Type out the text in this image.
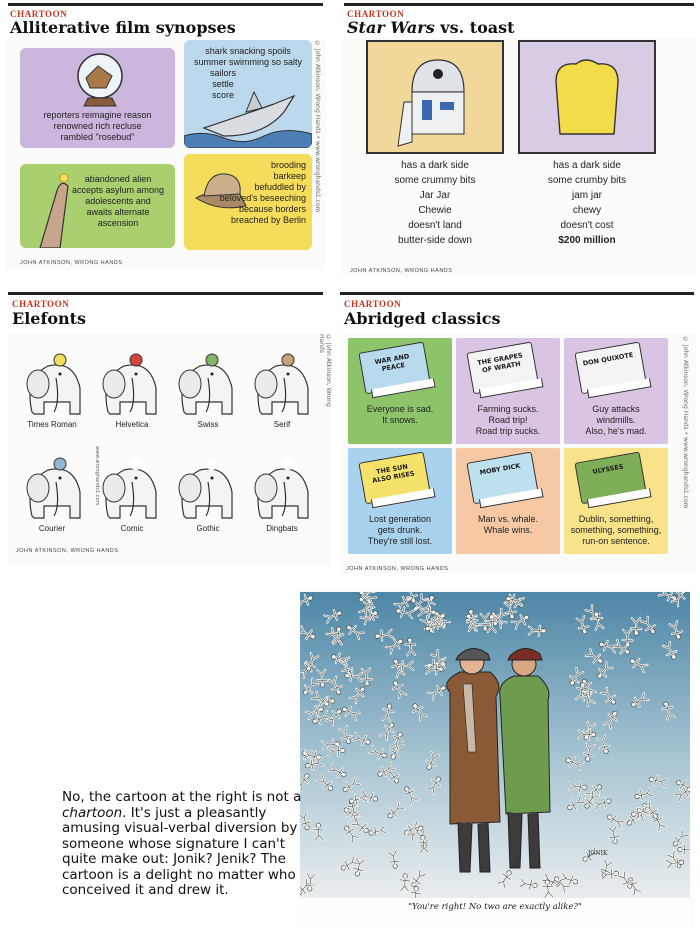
CHARTOON
Alliterative film synopses
reporters reimagine reason
renowned rich recluse
rambled "rosebud"
shark snacking spoils
summer swimming so salty
sailors
settle
score
abandoned alien
accepts asylum among
adolescents and
awaits alternate
ascension
brooding
barkeep
befuddled by
beloved's beseeching
because borders
breached by Berlin
© John Atkinson, Wrong Hands • www.wronghands1.com
JOHN ATKINSON, WRONG HANDS
CHARTOON
Star Wars vs. toast
has a dark side
some crummy bits
Jar Jar
Chewie
doesn't land
butter-side down
has a dark side
some crumby bits
jam jar
chewy
doesn't cost
$200 million
JOHN ATKINSON, WRONG HANDS
CHARTOON
Elefonts
Times Roman	Helvetica	Swiss	Serif
Courier	Comic	Gothic	Dingbats
© John Atkinson, Wrong Hands
www.wronghands1.com
JOHN ATKINSON, WRONG HANDS
CHARTOON
Abridged classics
WAR AND PEACE
Everyone is sad.
It snows.
THE GRAPES OF WRATH
Farming sucks.
Road trip!
Road trip sucks.
DON QUIXOTE
Guy attacks
windmills.
Also, he's mad.
THE SUN ALSO RISES
Lost generation
gets drunk.
They're still lost.
MOBY DICK
Man vs. whale.
Whale wins.
ULYSSES
Dublin, something,
something, something,
run-on sentence.
© John Atkinson, Wrong Hands • www.wronghands1.com
JOHN ATKINSON, WRONG HANDS
"You're right! No two are exactly alike?"
JONIK
No, the cartoon at the right is not a chartoon. It's just a pleasantly amusing visual-verbal diversion by someone whose signature I can't quite make out: Jonik? Jenik? The cartoon is a delight no matter who conceived it and drew it.
